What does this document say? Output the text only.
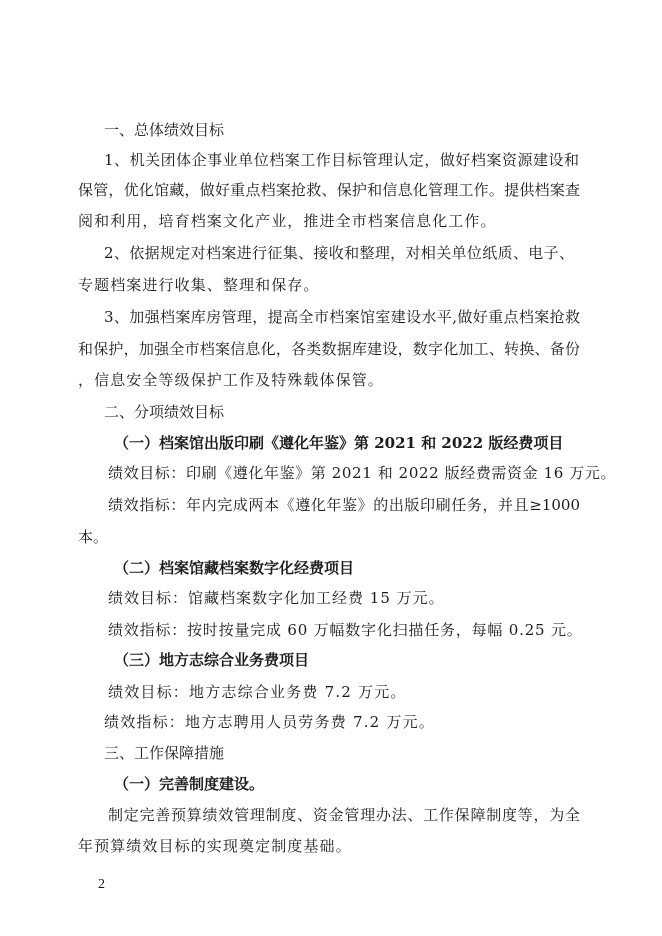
一、总体绩效目标
1、机关团体企事业单位档案工作目标管理认定，做好档案资源建设和
保管，优化馆藏，做好重点档案抢救、保护和信息化管理工作。提供档案查
阅和利用，培育档案文化产业，推进全市档案信息化工作。
2、依据规定对档案进行征集、接收和整理，对相关单位纸质、电子、
专题档案进行收集、整理和保存。
3、加强档案库房管理，提高全市档案馆室建设水平,做好重点档案抢救
和保护，加强全市档案信息化，各类数据库建设，数字化加工、转换、备份
，信息安全等级保护工作及特殊载体保管。
二、分项绩效目标
（一）档案馆出版印刷《遵化年鉴》第 2021 和 2022 版经费项目
绩效目标：印刷《遵化年鉴》第 2021 和 2022 版经费需资金 16 万元。
绩效指标：年内完成两本《遵化年鉴》的出版印刷任务，并且≥1000
本。
（二）档案馆藏档案数字化经费项目
绩效目标：馆藏档案数字化加工经费 15 万元。
绩效指标：按时按量完成 60 万幅数字化扫描任务，每幅 0.25 元。
（三）地方志综合业务费项目
绩效目标：地方志综合业务费 7.2 万元。
绩效指标：地方志聘用人员劳务费 7.2 万元。
三、工作保障措施
（一）完善制度建设。
制定完善预算绩效管理制度、资金管理办法、工作保障制度等，为全
年预算绩效目标的实现奠定制度基础。
2
